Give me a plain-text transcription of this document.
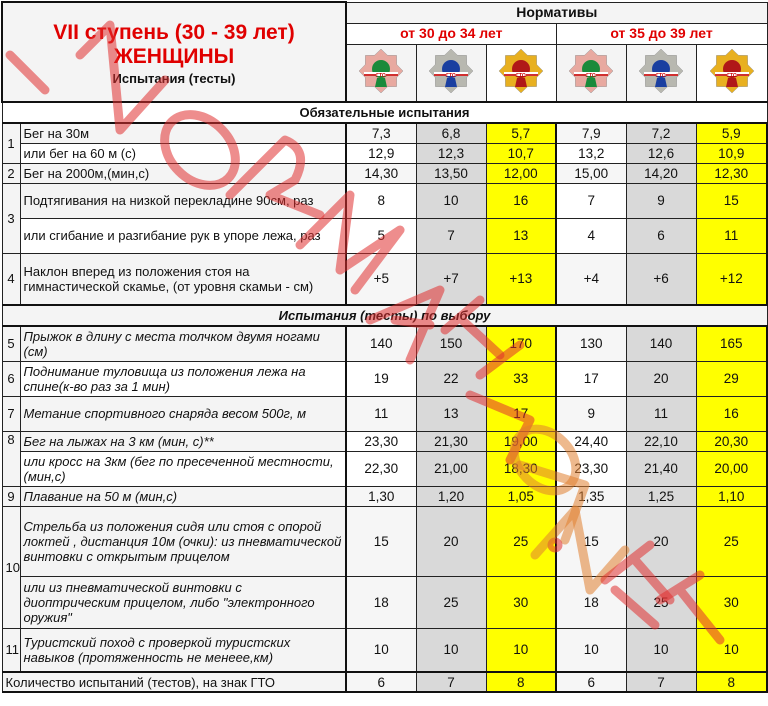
VII ступень (30 - 39 лет)
ЖЕНЩИНЫ
Испытания (тесты)		Нормативы					
		от 30 до 34 лет			от 35 до 39 лет		

ГТО	ГТО	ГТО	ГТО	ГТО	ГТО

Обязательные испытания							
1	Бег на 30м	7,3	6,8	5,7	7,9	7,2	5,9
	или бег на 60 м (с)	12,9	12,3	10,7	13,2	12,6	10,9
2	Бег на 2000м,(мин,с)	14,30	13,50	12,00	15,00	14,20	12,30
3	Подтягивания на низкой перекладине 90см, раз	8	10	16	7	9	15
	или сгибание и разгибание рук в упоре лежа, раз	5	7	13	4	6	11
4	Наклон вперед из положения стоя на гимнастической скамье, (от уровня скамьи - см)	+5	+7	+13	+4	+6	+12
Испытания (тесты) по выбору							
5	Прыжок в длину с места толчком двумя ногами (см)	140	150	170	130	140	165
6	Поднимание туловища из положения лежа на спине(к-во раз за 1 мин)	19	22	33	17	20	29
7	Метание спортивного снаряда весом 500г, м	11	13	17	9	11	16
8	Бег на лыжах на 3 км (мин, с)**	23,30	21,30	19,00	24,40	22,10	20,30
	или кросс на 3км (бег по пресеченной местности, (мин,с)	22,30	21,00	18,30	23,30	21,40	20,00
9	Плавание на 50 м (мин,с)	1,30	1,20	1,05	1,35	1,25	1,10
10	Стрельба из положения сидя или стоя с опорой локтей , дистанция 10м (очки): из пневматической винтовки с открытым прицелом	15	20	25	15	20	25
	или из пневматической винтовки с диоптрическим прицелом, либо "электронного оружия"	18	25	30	18	25	30
11	Туристский поход с проверкой туристских навыков (протяженность не менеее,км)	10	10	10	10	10	10
Количество испытаний (тестов), на знак ГТО		6	7	8	6	7	8
